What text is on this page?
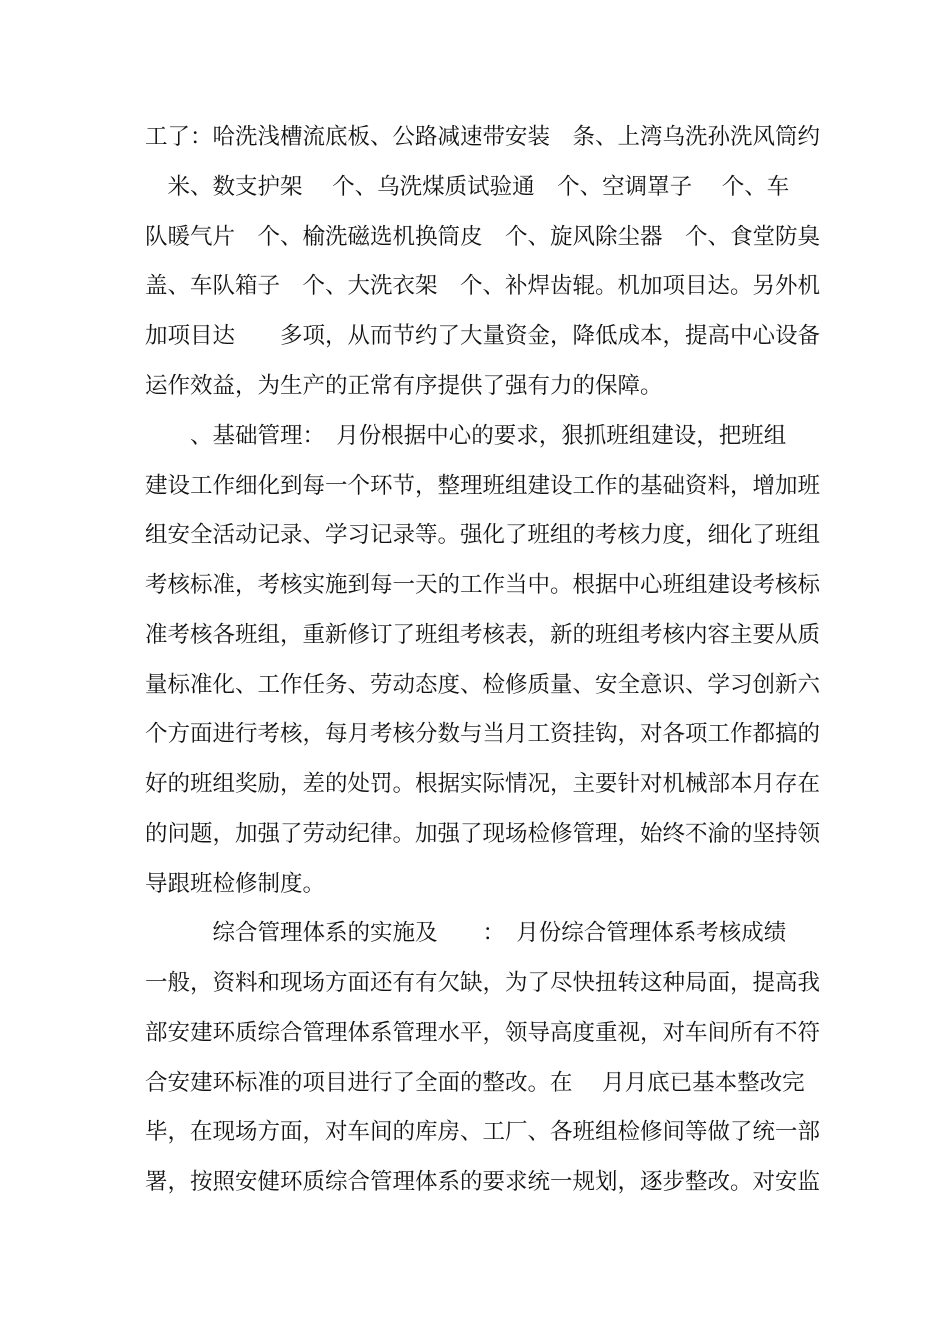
工了：哈洗浅槽流底板、公路减速带安装　条、上湾乌洗孙洗风筒约
　米、数支护架　 个、乌洗煤质试验通　个、空调罩子　 个、车
队暖气片　个、榆洗磁选机换筒皮　个、旋风除尘器　个、食堂防臭
盖、车队箱子　个、大洗衣架　个、补焊齿辊。机加项目达。另外机
加项目达　　多项，从而节约了大量资金，降低成本，提高中心设备
运作效益，为生产的正常有序提供了强有力的保障。
　　、基础管理：　月份根据中心的要求，狠抓班组建设，把班组
建设工作细化到每一个环节，整理班组建设工作的基础资料，增加班
组安全活动记录、学习记录等。强化了班组的考核力度，细化了班组
考核标准，考核实施到每一天的工作当中。根据中心班组建设考核标
准考核各班组，重新修订了班组考核表，新的班组考核内容主要从质
量标准化、工作任务、劳动态度、检修质量、安全意识、学习创新六
个方面进行考核，每月考核分数与当月工资挂钩，对各项工作都搞的
好的班组奖励，差的处罚。根据实际情况，主要针对机械部本月存在
的问题，加强了劳动纪律。加强了现场检修管理，始终不渝的坚持领
导跟班检修制度。
　　　综合管理体系的实施及　　：　月份综合管理体系考核成绩
一般，资料和现场方面还有有欠缺，为了尽快扭转这种局面，提高我
部安建环质综合管理体系管理水平，领导高度重视，对车间所有不符
合安建环标准的项目进行了全面的整改。在　 月月底已基本整改完
毕，在现场方面，对车间的库房、工厂、各班组检修间等做了统一部
署，按照安健环质综合管理体系的要求统一规划，逐步整改。对安监
